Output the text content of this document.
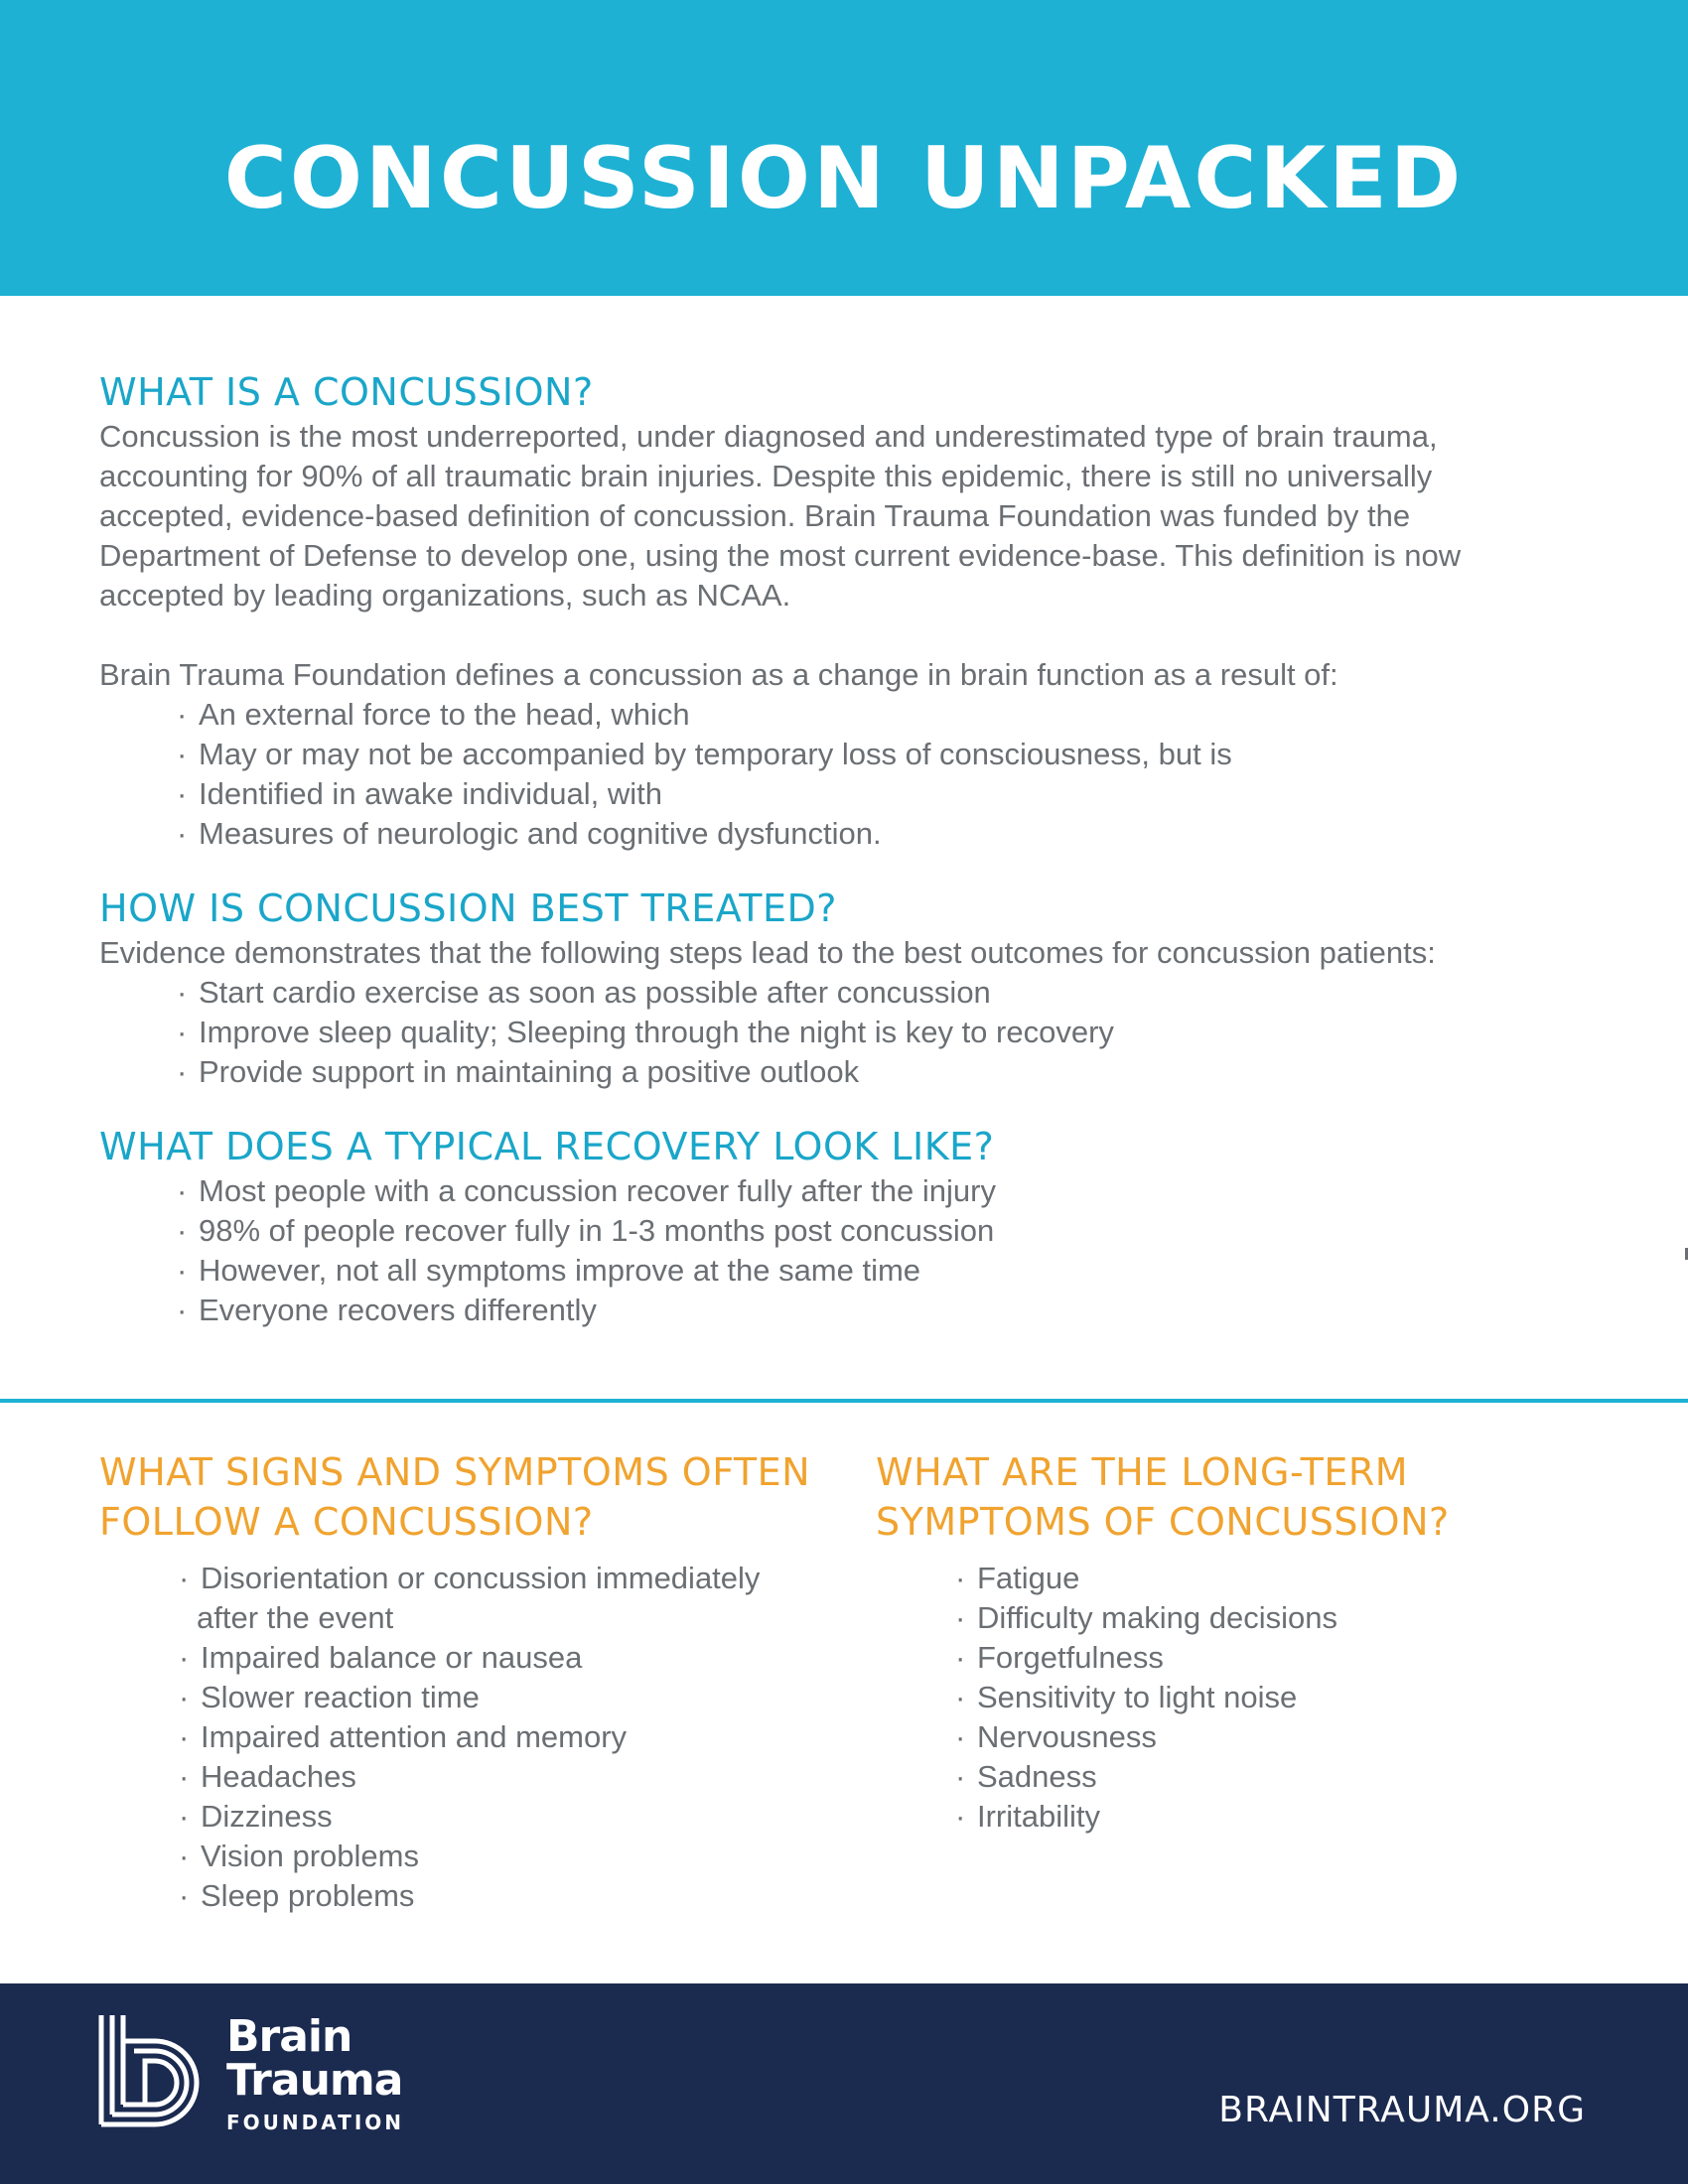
CONCUSSION UNPACKED
WHAT IS A CONCUSSION?

Concussion is the most underreported, under diagnosed and underestimated type of brain trauma,
accounting for 90% of all traumatic brain injuries. Despite this epidemic, there is still no universally
accepted, evidence-based definition of concussion. Brain Trauma Foundation was funded by the
Department of Defense to develop one, using the most current evidence-base. This definition is now
accepted by leading organizations, such as NCAA.

Brain Trauma Foundation defines a concussion as a change in brain function as a result of:

· An external force to the head, which
· May or may not be accompanied by temporary loss of consciousness, but is
· Identified in awake individual, with
· Measures of neurologic and cognitive dysfunction.
HOW IS CONCUSSION BEST TREATED?

Evidence demonstrates that the following steps lead to the best outcomes for concussion patients:

· Start cardio exercise as soon as possible after concussion
· Improve sleep quality; Sleeping through the night is key to recovery
· Provide support in maintaining a positive outlook
WHAT DOES A TYPICAL RECOVERY LOOK LIKE?
· Most people with a concussion recover fully after the injury
· 98% of people recover fully in 1-3 months post concussion
· However, not all symptoms improve at the same time
· Everyone recovers differently
WHAT SIGNS AND SYMPTOMS OFTEN
FOLLOW A CONCUSSION?
· Disorientation or concussion immediately
after the event
· Impaired balance or nausea
· Slower reaction time
· Impaired attention and memory
· Headaches
· Dizziness
· Vision problems
· Sleep problems
WHAT ARE THE LONG-TERM
SYMPTOMS OF CONCUSSION?
· Fatigue
· Difficulty making decisions
· Forgetfulness
· Sensitivity to light noise
· Nervousness
· Sadness
· Irritability
Brain
Trauma
FOUNDATION	BRAINTRAUMA.ORG
